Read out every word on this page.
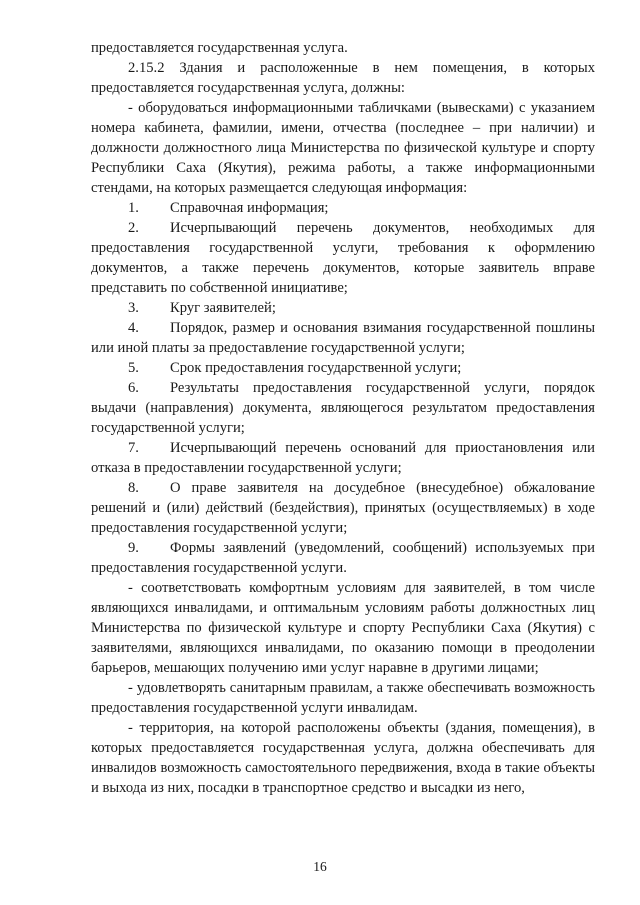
предоставляется государственная услуга.

2.15.2 Здания и расположенные в нем помещения, в которых предоставляется государственная услуга, должны:

- оборудоваться информационными табличками (вывесками) с указанием номера кабинета, фамилии, имени, отчества (последнее – при наличии) и должности должностного лица Министерства по физической культуре и спорту Республики Саха (Якутия), режима работы, а также информационными стендами, на которых размещается следующая информация:

1. Справочная информация;

2. Исчерпывающий перечень документов, необходимых для предоставления государственной услуги, требования к оформлению документов, а также перечень документов, которые заявитель вправе представить по собственной инициативе;

3. Круг заявителей;

4. Порядок, размер и основания взимания государственной пошлины или иной платы за предоставление государственной услуги;

5. Срок предоставления государственной услуги;

6. Результаты предоставления государственной услуги, порядок выдачи (направления) документа, являющегося результатом предоставления государственной услуги;

7. Исчерпывающий перечень оснований для приостановления или отказа в предоставлении государственной услуги;

8. О праве заявителя на досудебное (внесудебное) обжалование решений и (или) действий (бездействия), принятых (осуществляемых) в ходе предоставления государственной услуги;

9. Формы заявлений (уведомлений, сообщений) используемых при предоставления государственной услуги.

- соответствовать комфортным условиям для заявителей, в том числе являющихся инвалидами, и оптимальным условиям работы должностных лиц Министерства по физической культуре и спорту Республики Саха (Якутия) с заявителями, являющихся инвалидами, по оказанию помощи в преодолении барьеров, мешающих получению ими услуг наравне в другими лицами;

- удовлетворять санитарным правилам, а также обеспечивать возможность предоставления государственной услуги инвалидам.

- территория, на которой расположены объекты (здания, помещения), в которых предоставляется государственная услуга, должна обеспечивать для инвалидов возможность самостоятельного передвижения, входа в такие объекты и выхода из них, посадки в транспортное средство и высадки из него,

16
